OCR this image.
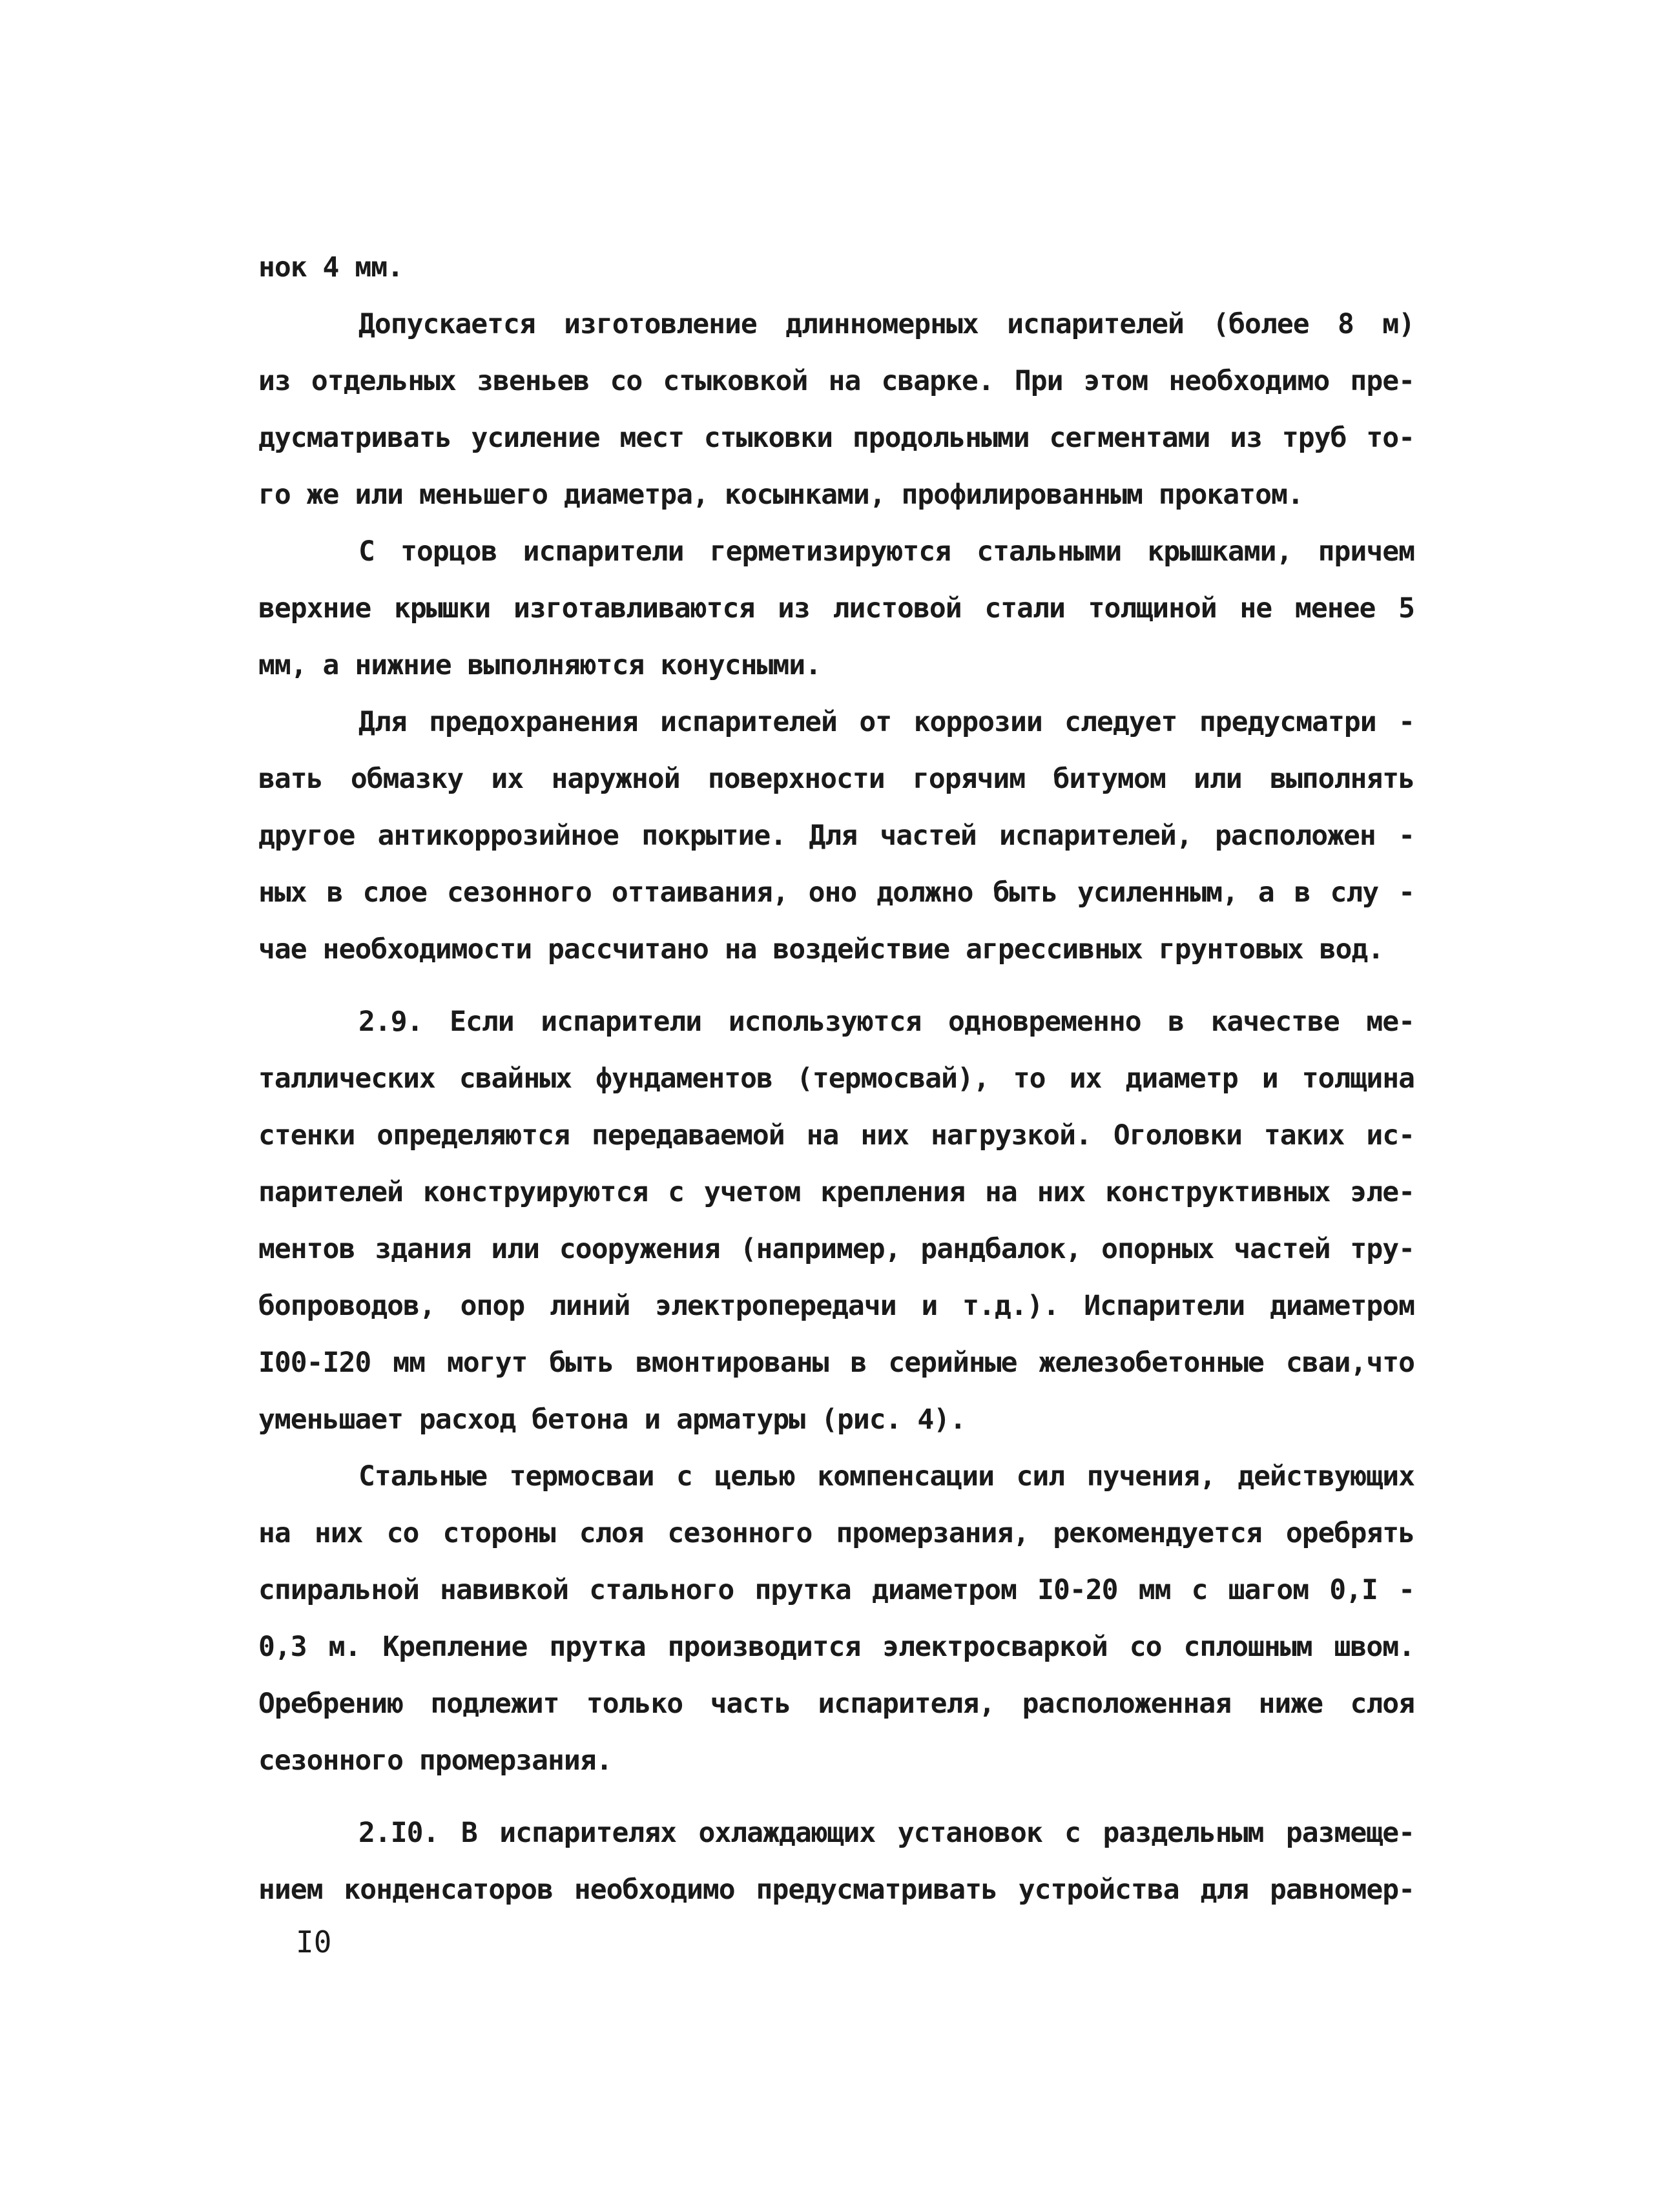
нок 4 мм.
Допускается изготовление длинномерных испарителей (более 8 м)
из отдельных звеньев со стыковкой на сварке. При этом необходимо пре-
дусматривать усиление мест стыковки продольными сегментами из труб то-
го же или меньшего диаметра, косынками, профилированным прокатом.
С торцов испарители герметизируются стальными крышками, причем
верхние крышки изготавливаются из листовой стали толщиной не менее 5
мм, а нижние выполняются конусными.
Для предохранения испарителей от коррозии следует предусматри -
вать обмазку их наружной поверхности горячим битумом или выполнять
другое антикоррозийное покрытие. Для частей испарителей, расположен -
ных в слое сезонного оттаивания, оно должно быть усиленным, а в слу -
чае необходимости рассчитано на воздействие агрессивных грунтовых вод.
2.9. Если испарители используются одновременно в качестве ме-
таллических свайных фундаментов (термосвай), то их диаметр и толщина
стенки определяются передаваемой на них нагрузкой. Оголовки таких ис-
парителей конструируются с учетом крепления на них конструктивных эле-
ментов здания или сооружения (например, рандбалок, опорных частей тру-
бопроводов, опор линий электропередачи и т.д.). Испарители диаметром
I00-I20 мм могут быть вмонтированы в серийные железобетонные сваи,что
уменьшает расход бетона и арматуры (рис. 4).
Стальные термосваи с целью компенсации сил пучения, действующих
на них со стороны слоя сезонного промерзания, рекомендуется оребрять
спиральной навивкой стального прутка диаметром I0-20 мм с шагом 0,I -
0,3 м. Крепление прутка производится электросваркой со сплошным швом.
Оребрению подлежит только часть испарителя, расположенная ниже слоя
сезонного промерзания.
2.I0. В испарителях охлаждающих установок с раздельным размеще-
нием конденсаторов необходимо предусматривать устройства для равномер-
I0
